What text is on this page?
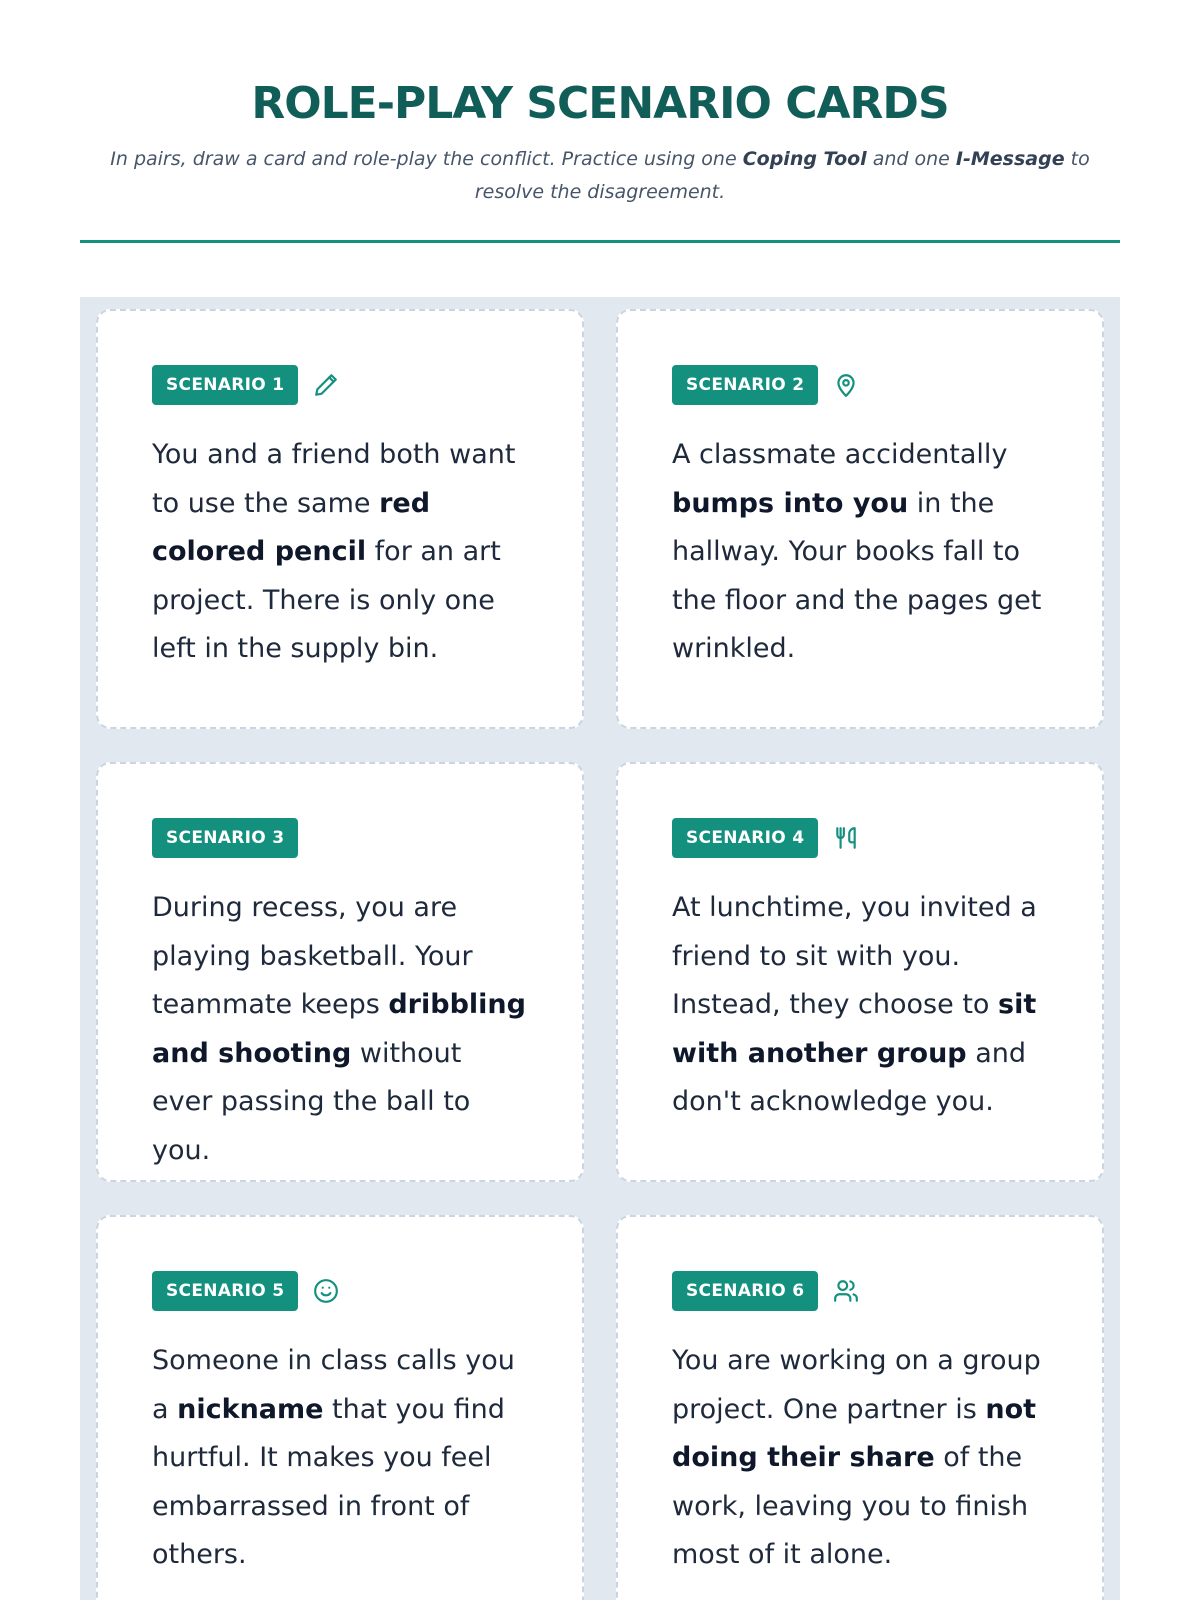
ROLE-PLAY SCENARIO CARDS

In pairs, draw a card and role-play the conflict. Practice using one Coping Tool and one I-Message to resolve the disagreement.

SCENARIO 1

You and a friend both want to use the same red colored pencil for an art project. There is only one left in the supply bin.

SCENARIO 2

A classmate accidentally bumps into you in the hallway. Your books fall to the floor and the pages get wrinkled.

SCENARIO 3

During recess, you are playing basketball. Your teammate keeps dribbling and shooting without ever passing the ball to you.

SCENARIO 4

At lunchtime, you invited a friend to sit with you. Instead, they choose to sit with another group and don't acknowledge you.

SCENARIO 5

Someone in class calls you a nickname that you find hurtful. It makes you feel embarrassed in front of others.

SCENARIO 6

You are working on a group project. One partner is not doing their share of the work, leaving you to finish most of it alone.
